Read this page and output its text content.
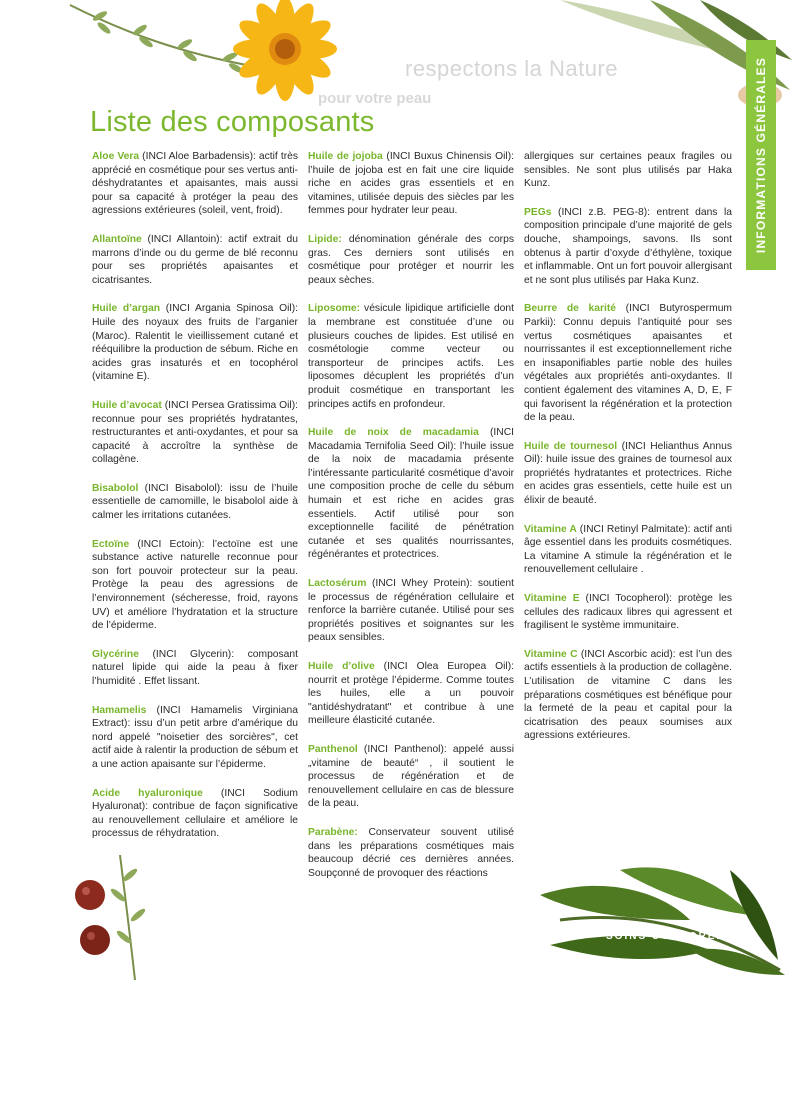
respectons la Nature
pour votre peau	INFORMATIONS GÉNÉRALES
Liste des composants

Aloe Vera (INCI Aloe Barbadensis): actif très apprécié en cosmétique pour ses vertus anti-déshydratantes et apaisantes, mais aussi pour sa capacité à protéger la peau des agressions extérieures (soleil, vent, froid).

Allantoïne (INCI Allantoin): actif extrait du marrons d’inde ou du germe de blé reconnu pour ses propriétés apaisantes et cicatrisantes.

Huile d’argan (INCI Argania Spinosa Oil): Huile des noyaux des fruits de l’arganier (Maroc). Ralentit le vieillissement cutané et rééquilibre la production de sébum. Riche en acides gras insaturés et en tocophérol (vitamine E).

Huile d’avocat (INCI Persea Gratissima Oil): reconnue pour ses propriétés hydratantes, restructurantes et anti-oxydantes, et pour sa capacité à accroître la synthèse de collagène.

Bisabolol (INCI Bisabolol): issu de l’huile essentielle de camomille, le bisabolol aide à calmer les irritations cutanées.

Ectoïne (INCI Ectoin): l’ectoïne est une substance active naturelle reconnue pour son fort pouvoir protecteur sur la peau. Protège la peau des agressions de l’environnement (sécheresse, froid, rayons UV) et améliore l’hydratation et la structure de l’épiderme.

Glycérine (INCI Glycerin): composant naturel lipide qui aide la peau à fixer l’humidité . Effet lissant.

Hamamelis (INCI Hamamelis Virginiana Extract): issu d’un petit arbre d’amérique du nord appelé "noisetier des sorcières", cet actif aide à ralentir la production de sébum et a une action apaisante sur l’épiderme.

Acide hyaluronique (INCI Sodium Hyaluronat): contribue de façon significative au renouvellement cellulaire et améliore le processus de réhydratation.

Huile de jojoba (INCI Buxus Chinensis Oil): l’huile de jojoba est en fait une cire liquide riche en acides gras essentiels et en vitamines, utilisée depuis des siècles par les femmes pour hydrater leur peau.

Lipide: dénomination générale des corps gras. Ces derniers sont utilisés en cosmétique pour protéger et nourrir les peaux sèches.

Liposome: vésicule lipidique artificielle dont la membrane est constituée d’une ou plusieurs couches de lipides. Est utilisé en cosmétologie comme vecteur ou transporteur de principes actifs. Les liposomes décuplent les propriétés d’un produit cosmétique en transportant les principes actifs en profondeur.

Huile de noix de macadamia (INCI Macadamia Ternifolia Seed Oil): l’huile issue de la noix de macadamia présente l’intéressante particularité cosmétique d’avoir une composition proche de celle du sébum humain et est riche en acides gras essentiels. Actif utilisé pour son exceptionnelle facilité de pénétration cutanée et ses qualités nourrissantes, régénérantes et protectrices.

Lactosérum (INCI Whey Protein): soutient le processus de régénération cellulaire et renforce la barrière cutanée. Utilisé pour ses propriétés positives et soignantes sur les peaux sensibles.

Huile d’olive (INCI Olea Europea Oil): nourrit et protège l’épiderme. Comme toutes les huiles, elle a un pouvoir "antidéshydratant" et contribue à une meilleure élasticité cutanée.

Panthenol (INCI Panthenol): appelé aussi „vitamine de beauté“ , il soutient le processus de régénération et de renouvellement cellulaire en cas de blessure de la peau.

Parabène: Conservateur souvent utilisé dans les préparations cosmétiques mais beaucoup décrié ces dernières années. Soupçonné de provoquer des réactions

allergiques sur certaines peaux fragiles ou sensibles. Ne sont plus utilisés par Haka Kunz.

PEGs (INCI z.B. PEG-8): entrent dans la composition principale d’une majorité de gels douche, shampoings, savons. Ils sont obtenus à partir d’oxyde d’éthylène, toxique et inflammable. Ont un fort pouvoir allergisant et ne sont plus utilisés par Haka Kunz.

Beurre de karité (INCI Butyrospermum Parkii): Connu depuis l’antiquité pour ses vertus cosmétiques apaisantes et nourrissantes il est exceptionnellement riche en insaponifiables partie noble des huiles végétales aux propriétés anti-oxydantes. Il contient également des vitamines A, D, E, F qui favorisent la régénération et la protection de la peau.

Huile de tournesol (INCI Helianthus Annus Oil): huile issue des graines de tournesol aux propriétés hydratantes et protectrices. Riche en acides gras essentiels, cette huile est un élixir de beauté.

Vitamine A (INCI Retinyl Palmitate): actif anti âge essentiel dans les produits cosmétiques. La vitamine A stimule la régénération et le renouvellement cellulaire .

Vitamine E (INCI Tocopherol): protège les cellules des radicaux libres qui agressent et fragilisent le système immunitaire.

Vitamine C (INCI Ascorbic acid): est l’un des actifs essentiels à la production de collagène. L’utilisation de vitamine C dans les préparations cosmétiques est bénéfique pour la fermeté de la peau et capital pour la cicatrisation des peaux soumises aux agressions extérieures.

SOINS CORPORELS 37
